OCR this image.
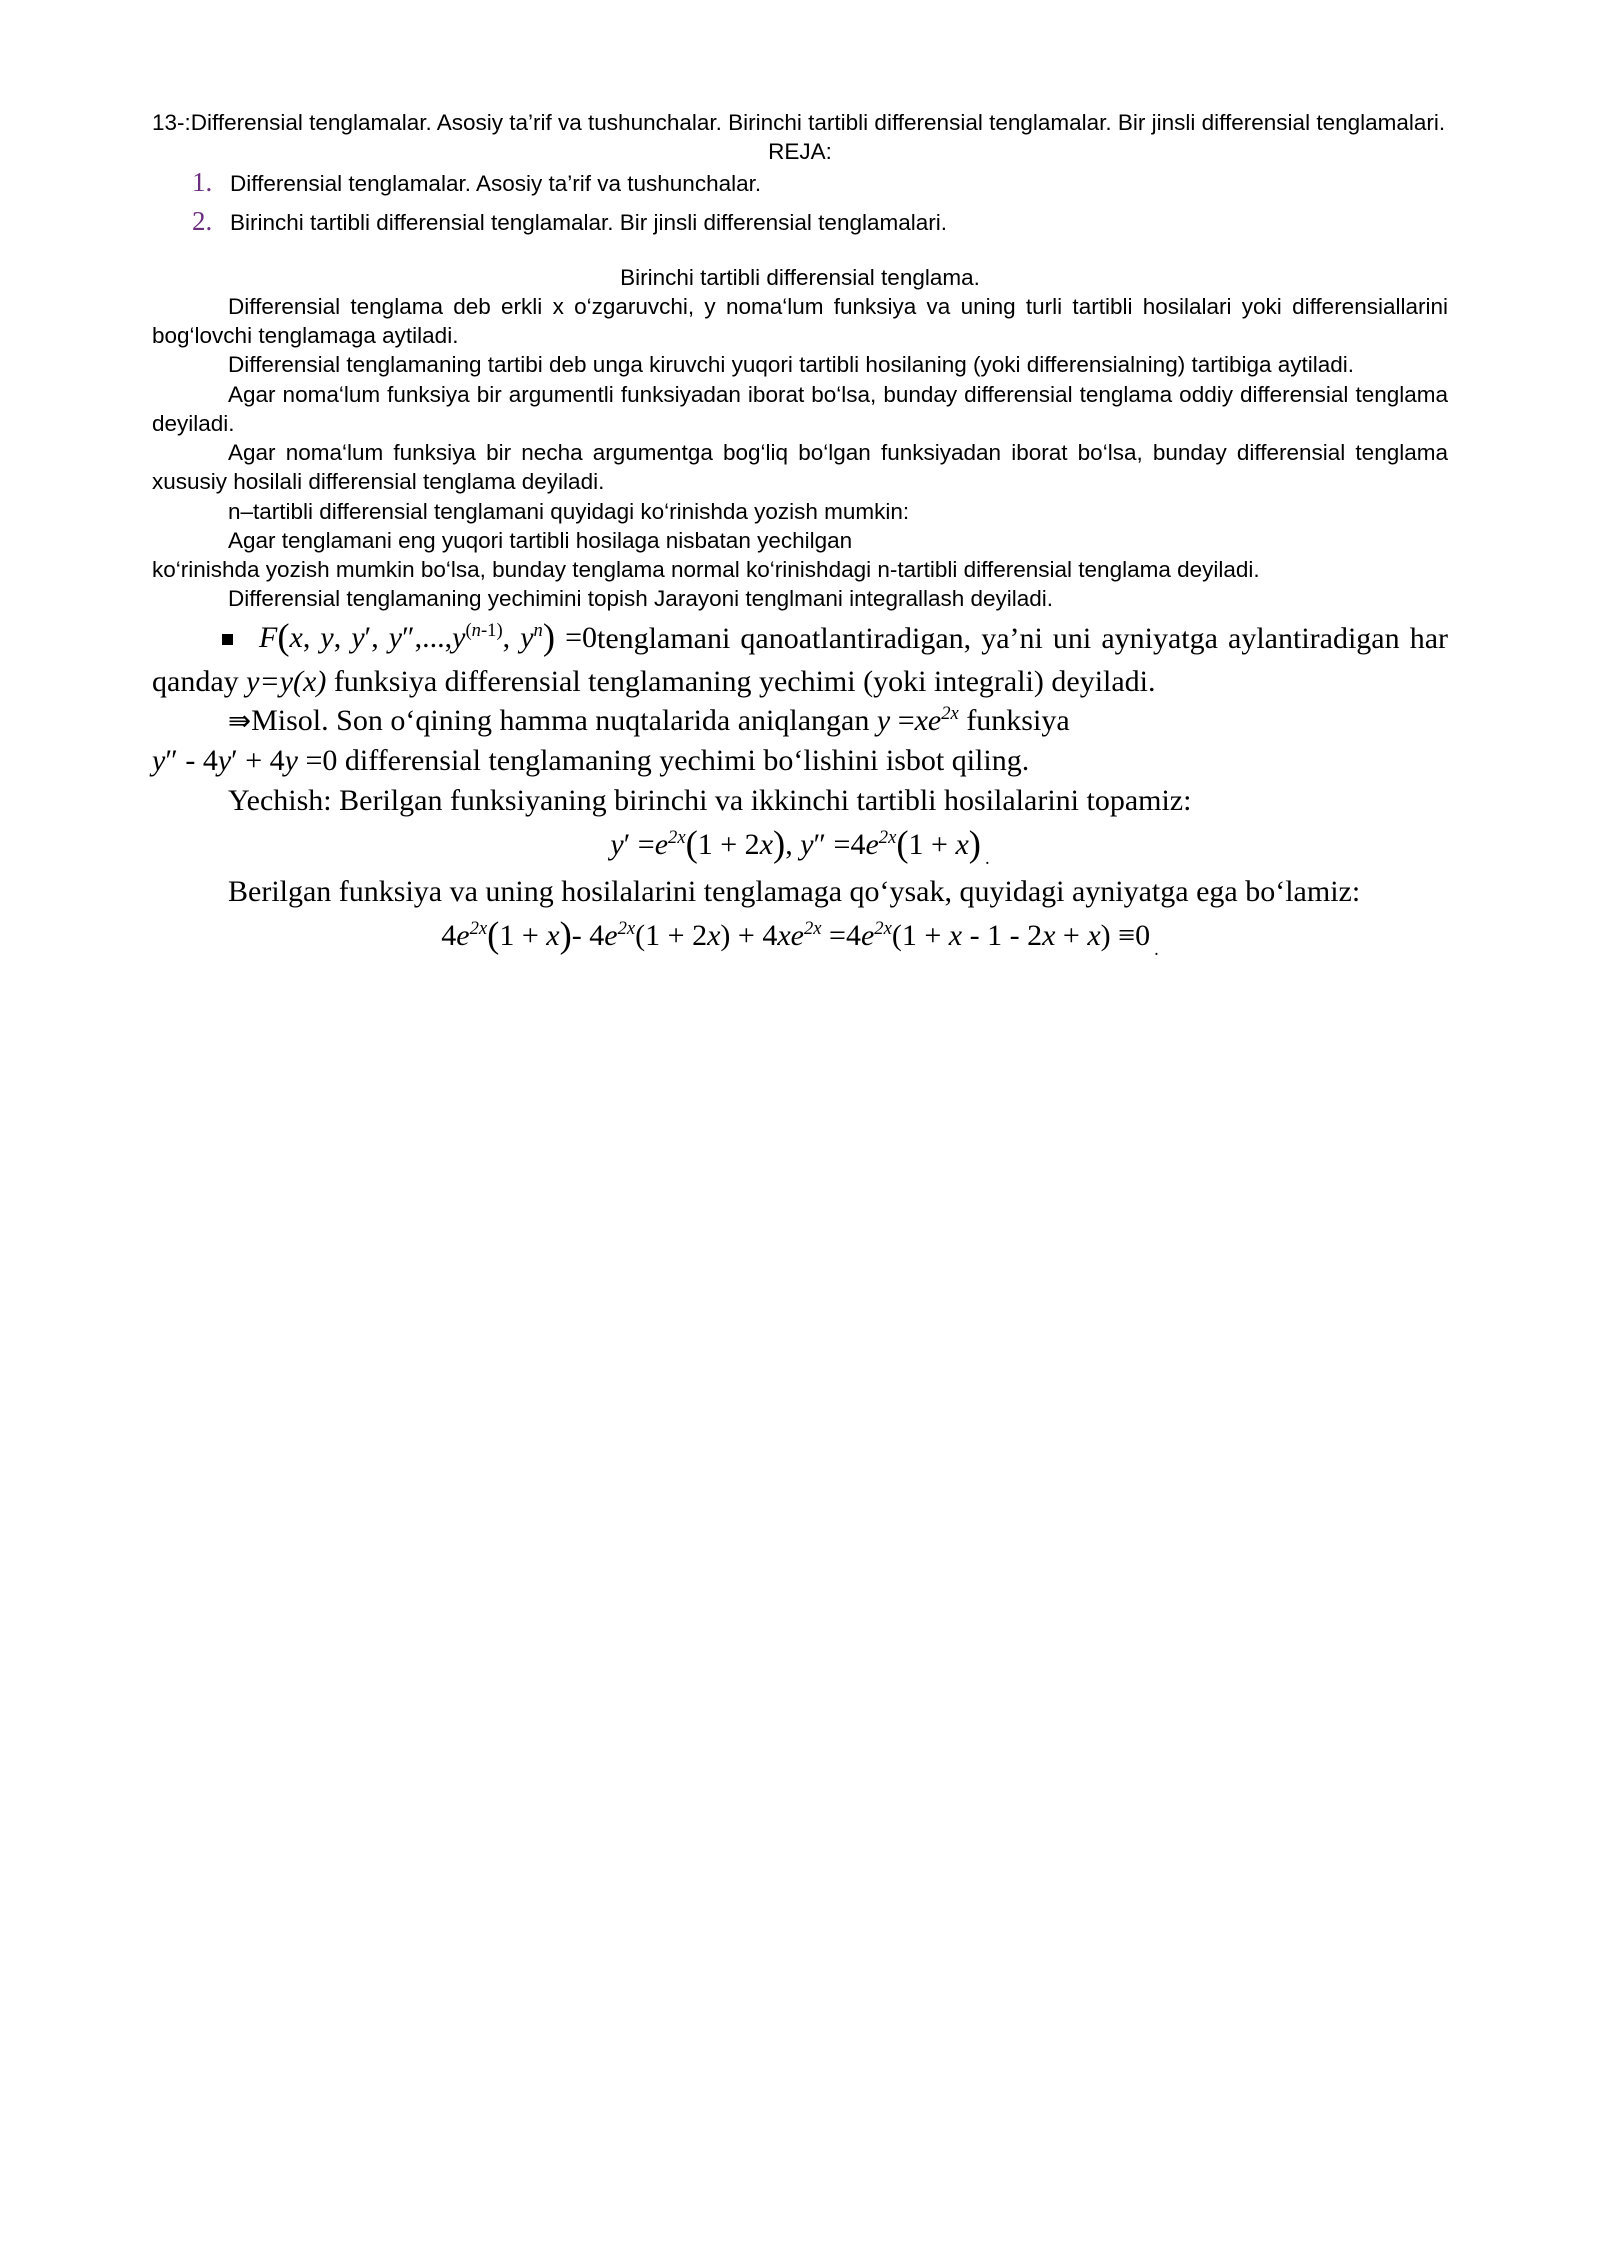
13-:Differensial tenglamalar. Asosiy ta’rif va tushunchalar. Birinchi tartibli differensial tenglamalar. Bir jinsli differensial tenglamalari.

REJA:

1. Differensial tenglamalar. Asosiy ta’rif va tushunchalar.
2. Birinchi tartibli differensial tenglamalar. Bir jinsli differensial tenglamalari.

Birinchi tartibli differensial tenglama.

Differensial tenglama deb erkli x o‘zgaruvchi, y noma‘lum funksiya va uning turli tartibli hosilalari yoki differensiallarini bog‘lovchi tenglamaga aytiladi.

Differensial tenglamaning tartibi deb unga kiruvchi yuqori tartibli hosilaning (yoki differensialning) tartibiga aytiladi.

Agar noma‘lum funksiya bir argumentli funksiyadan iborat bo‘lsa, bunday differensial tenglama oddiy differensial tenglama deyiladi.

Agar noma‘lum funksiya bir necha argumentga bog‘liq bo‘lgan funksiyadan iborat bo‘lsa, bunday differensial tenglama xususiy hosilali differensial tenglama deyiladi.

n–tartibli differensial tenglamani quyidagi ko‘rinishda yozish mumkin:

Agar tenglamani eng yuqori tartibli hosilaga nisbatan yechilgan

ko‘rinishda yozish mumkin bo‘lsa, bunday tenglama normal ko‘rinishdagi n-tartibli differensial tenglama deyiladi.

Differensial tenglamaning yechimini topish Jarayoni tenglmani integrallash deyiladi.

F(x, y, y′, $y'',...,y^{(n-1)}$, $y^n$) =0tenglamani qanoatlantiradigan, ya’ni uni ayniyatga aylantiradigan har qanday y=y(x) funksiya differensial tenglamaning yechimi (yoki integrali) deyiladi.

⇛Misol. Son o‘qining hamma nuqtalarida aniqlangan $y =xe^{2x}$ funksiya

y″ - 4y′ + 4y =0 differensial tenglamaning yechimi bo‘lishini isbot qiling.

Yechish: Berilgan funksiyaning birinchi va ikkinchi tartibli hosilalarini topamiz:

$y' =e^{2x}(1 + 2x)$, $y'' =4e^{2x}(1 + x)$ $_.$

Berilgan funksiya va uning hosilalarini tenglamaga qo‘ysak, quyidagi ayniyatga ega bo‘lamiz:

$4e^{2x}(1 + x)-$ $4e^{2x}(1 + 2x) + 4xe^{2x} =4e^{2x}(1 + x - 1 - 2x + x) \equiv 0$ $_.$
